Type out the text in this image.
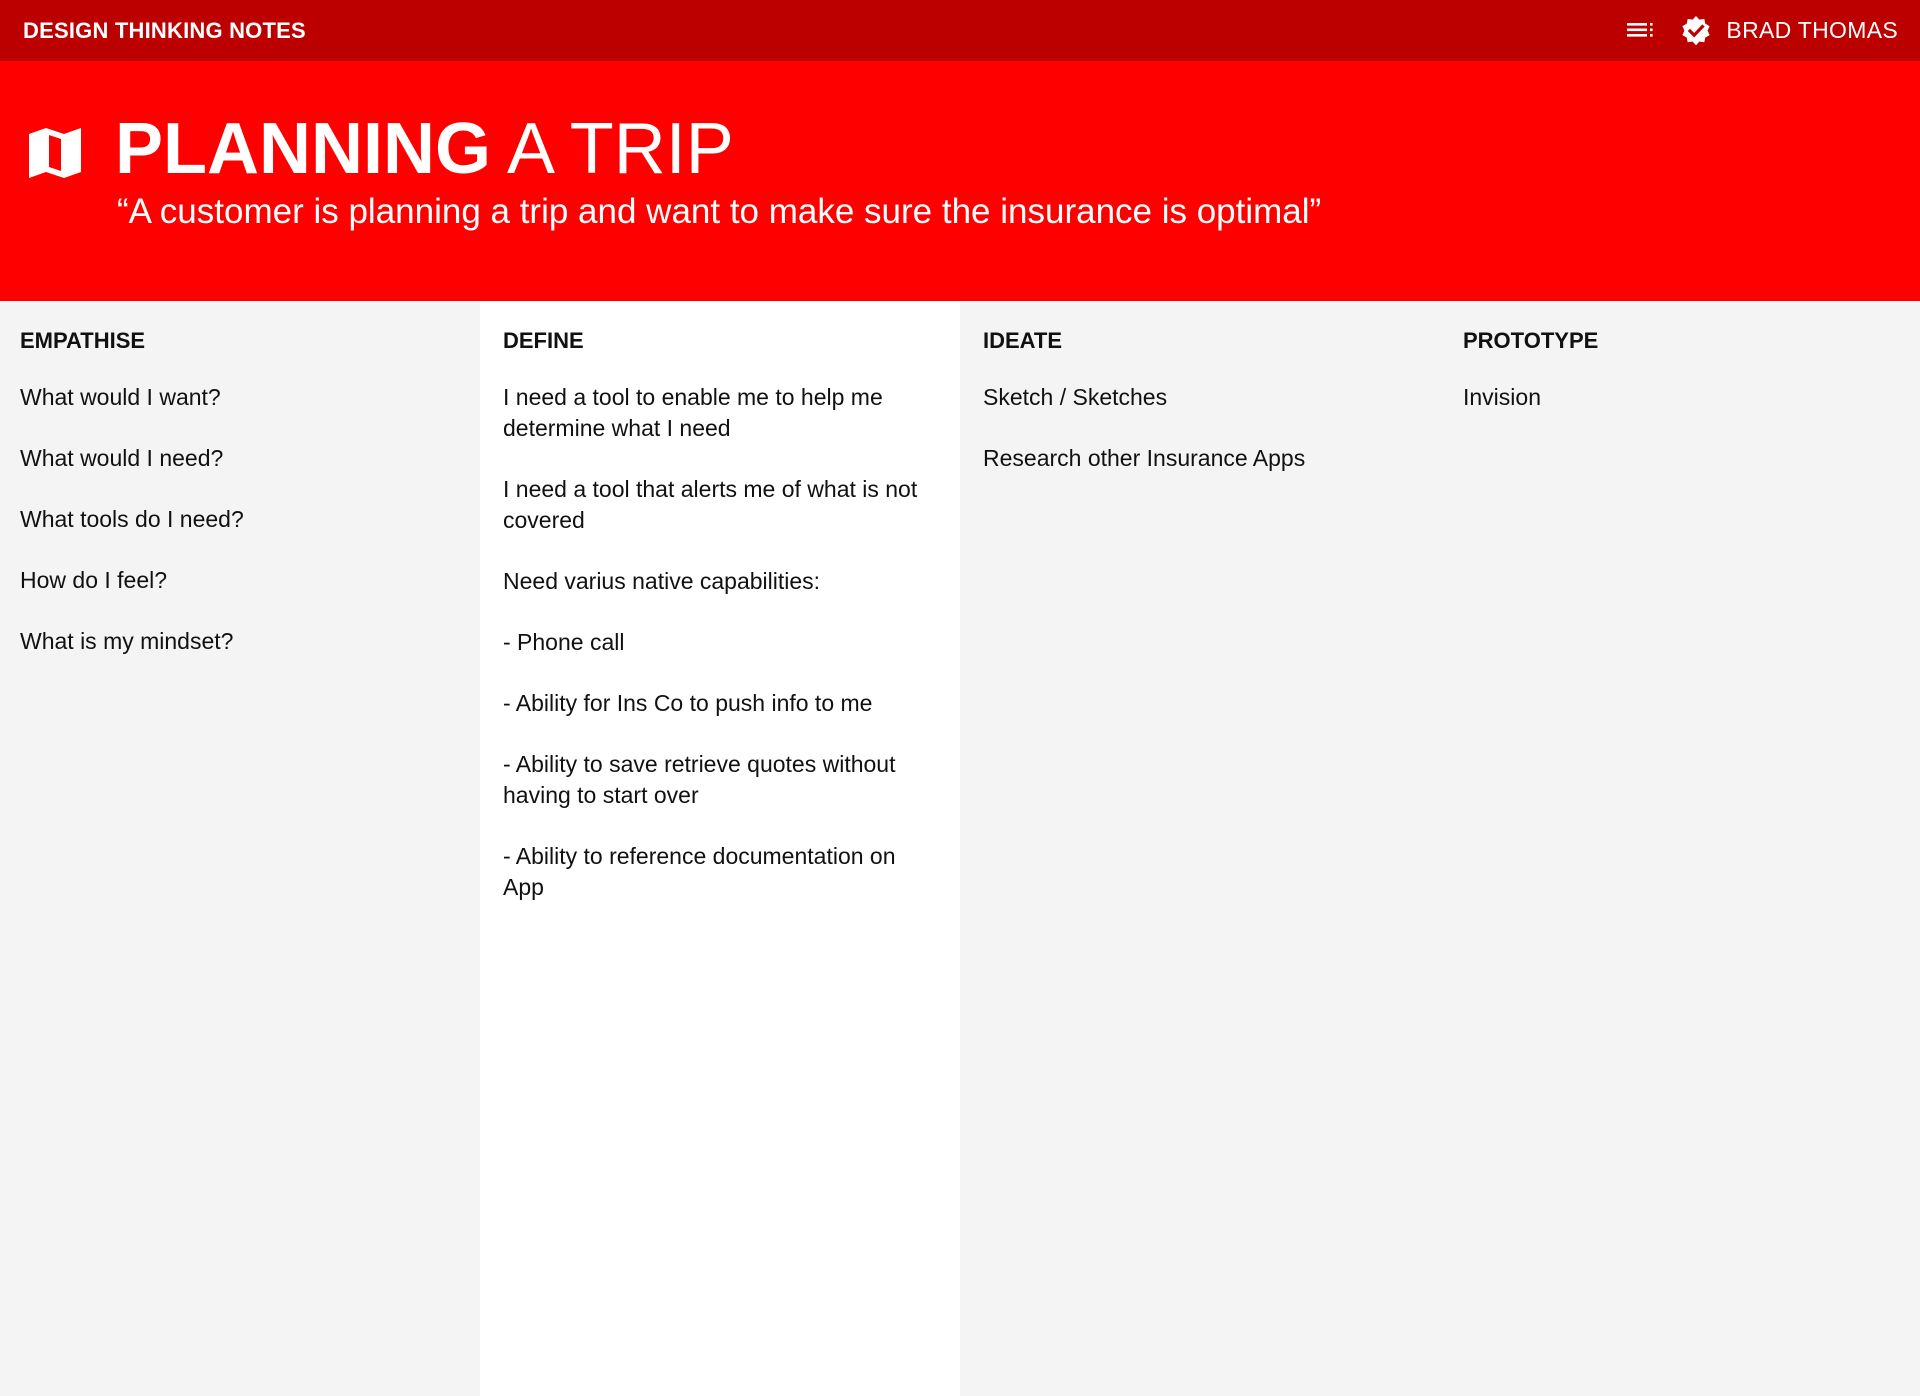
DESIGN THINKING NOTES	BRAD THOMAS
PLANNING A TRIP
“A customer is planning a trip and want to make sure the insurance is optimal”
EMPATHISE
What would I want?
What would I need?
What tools do I need?
How do I feel?
What is my mindset?
DEFINE
I need a tool to enable me to help me determine what I need
I need a tool that alerts me of what is not covered
Need varius native capabilities:
- Phone call
- Ability for Ins Co to push info to me
- Ability to save retrieve quotes without having to start over
- Ability to reference documentation on App
IDEATE
Sketch / Sketches
Research other Insurance Apps
PROTOTYPE
Invision
